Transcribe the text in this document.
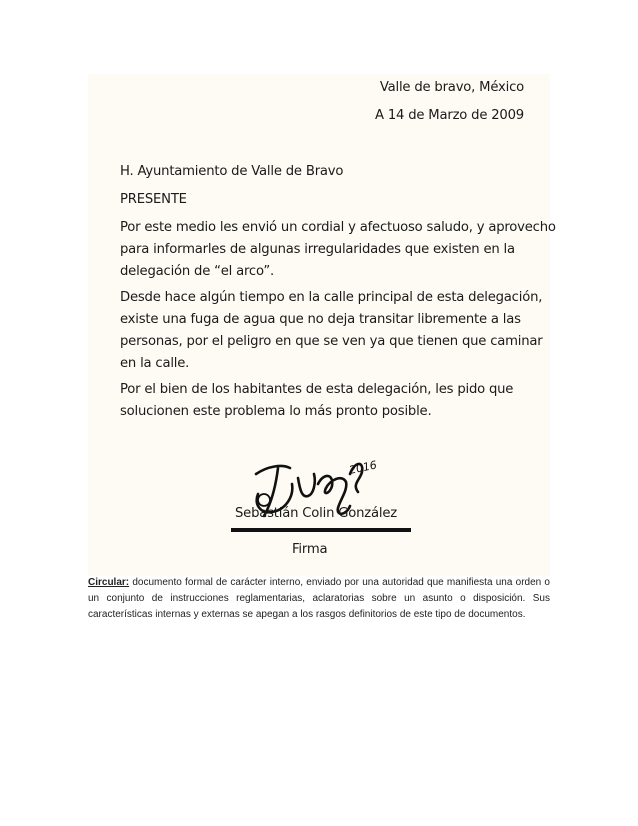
Valle de bravo, México
A 14 de Marzo de 2009
H. Ayuntamiento de Valle de Bravo
PRESENTE
Por este medio les envió un cordial y afectuoso saludo, y aprovecho
para informarles de algunas irregularidades que existen en la
delegación de “el arco”.
Desde hace algún tiempo en la calle principal de esta delegación,
existe una fuga de agua que no deja transitar libremente a las
personas, por el peligro en que se ven ya que tienen que caminar
en la calle.
Por el bien de los habitantes de esta delegación, les pido que
solucionen este problema lo más pronto posible.
2016
Sebastián Colin González
Firma

Circular: documento formal de carácter interno, enviado por una autoridad que manifiesta una orden o un conjunto de instrucciones reglamentarias, aclaratorias sobre un asunto o disposición. Sus características internas y externas se apegan a los rasgos definitorios de este tipo de documentos.
